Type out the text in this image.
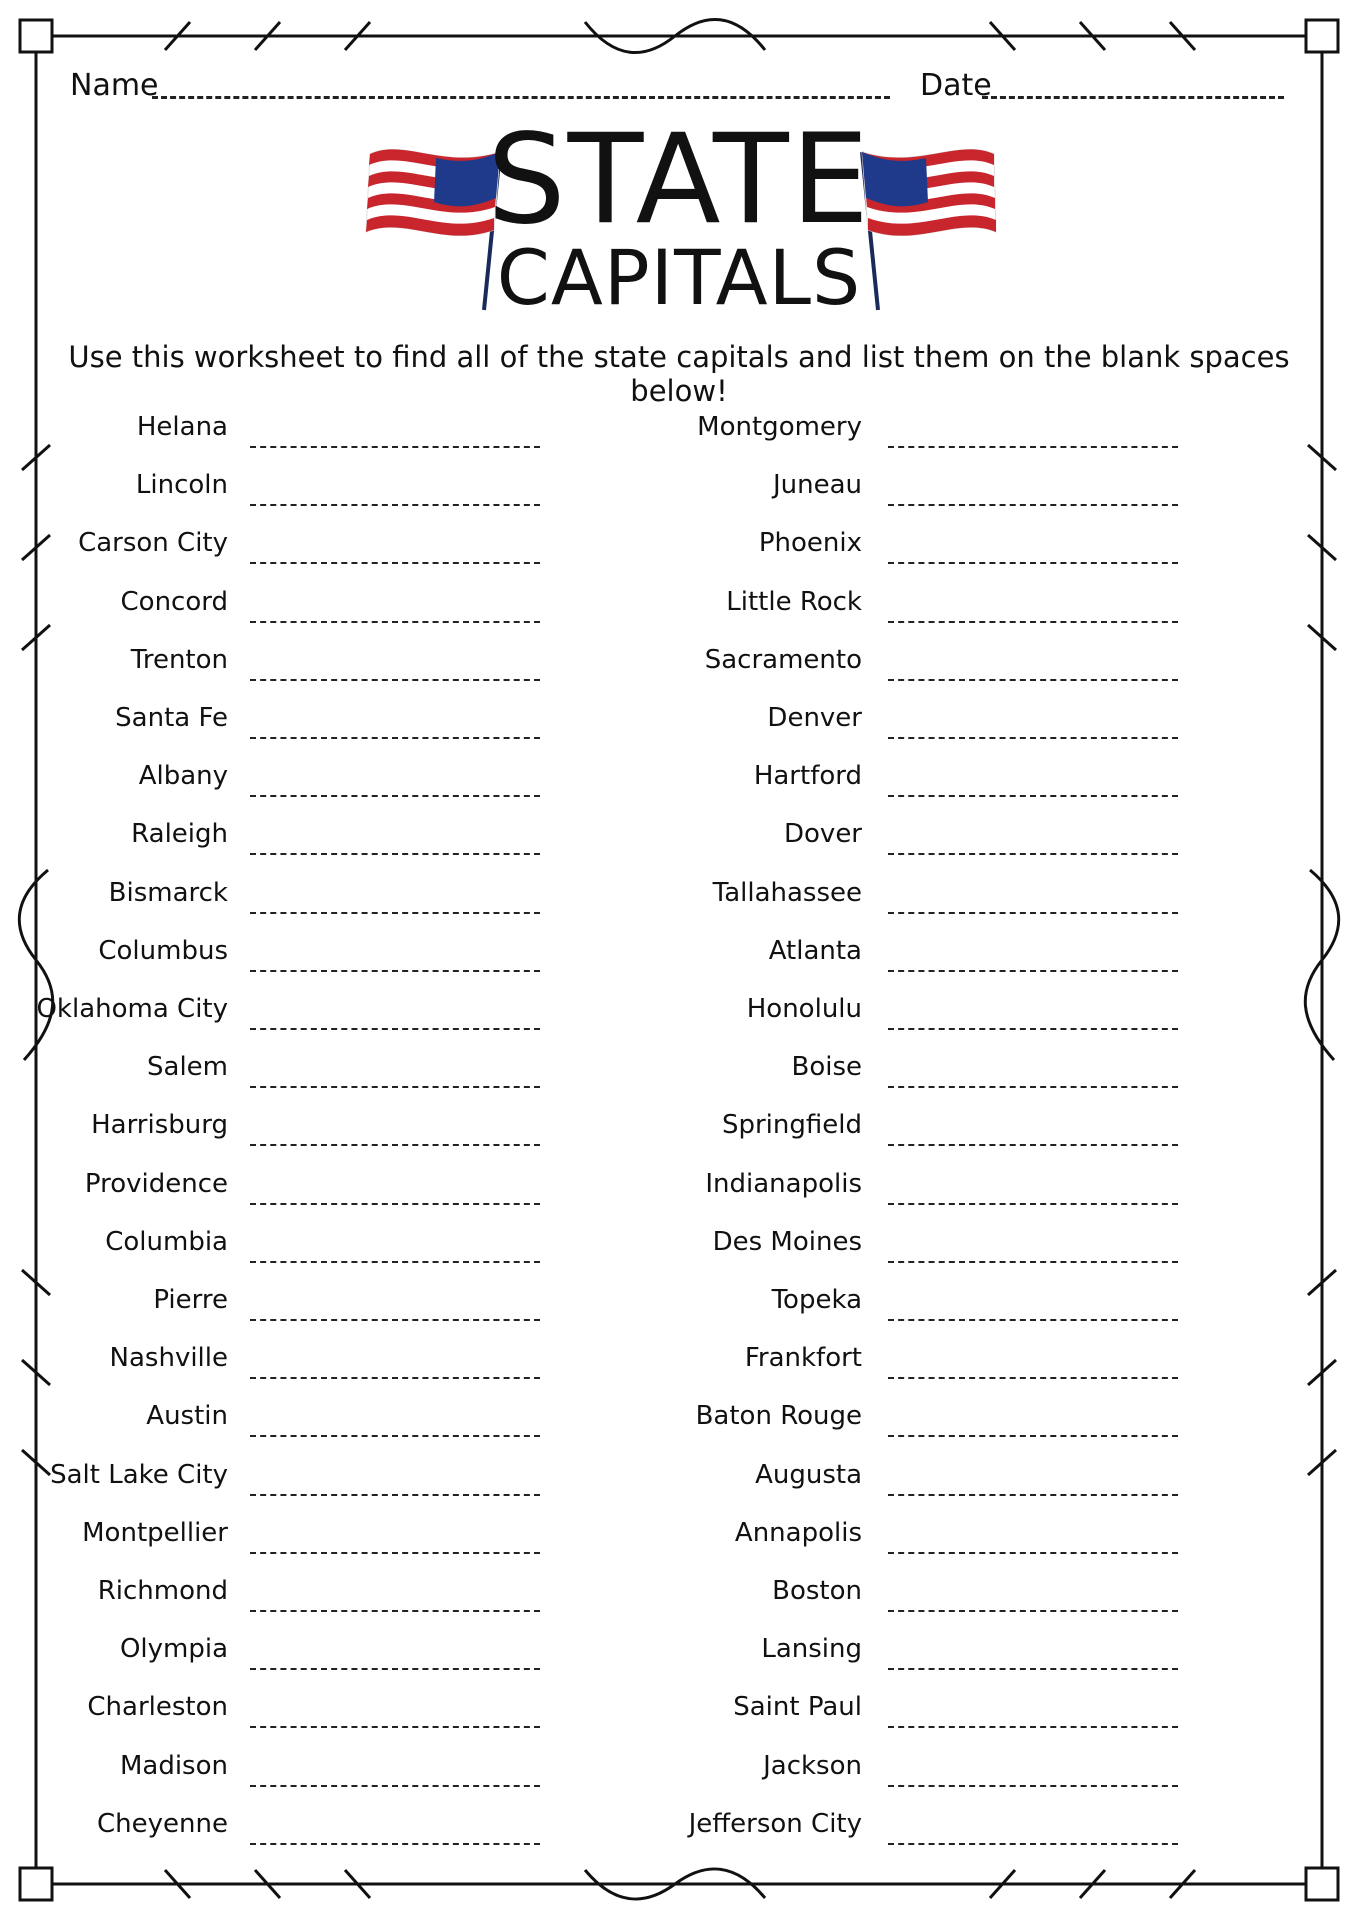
Name	Date
STATE
CAPITALS
Use this worksheet to find all of the state capitals and list them on the blank spaces below!
Helana
Lincoln
Carson City
Concord
Trenton
Santa Fe
Albany
Raleigh
Bismarck
Columbus
Oklahoma City
Salem
Harrisburg
Providence
Columbia
Pierre
Nashville
Austin
Salt Lake City
Montpellier
Richmond
Olympia
Charleston
Madison
Cheyenne
Montgomery
Juneau
Phoenix
Little Rock
Sacramento
Denver
Hartford
Dover
Tallahassee
Atlanta
Honolulu
Boise
Springfield
Indianapolis
Des Moines
Topeka
Frankfort
Baton Rouge
Augusta
Annapolis
Boston
Lansing
Saint Paul
Jackson
Jefferson City
